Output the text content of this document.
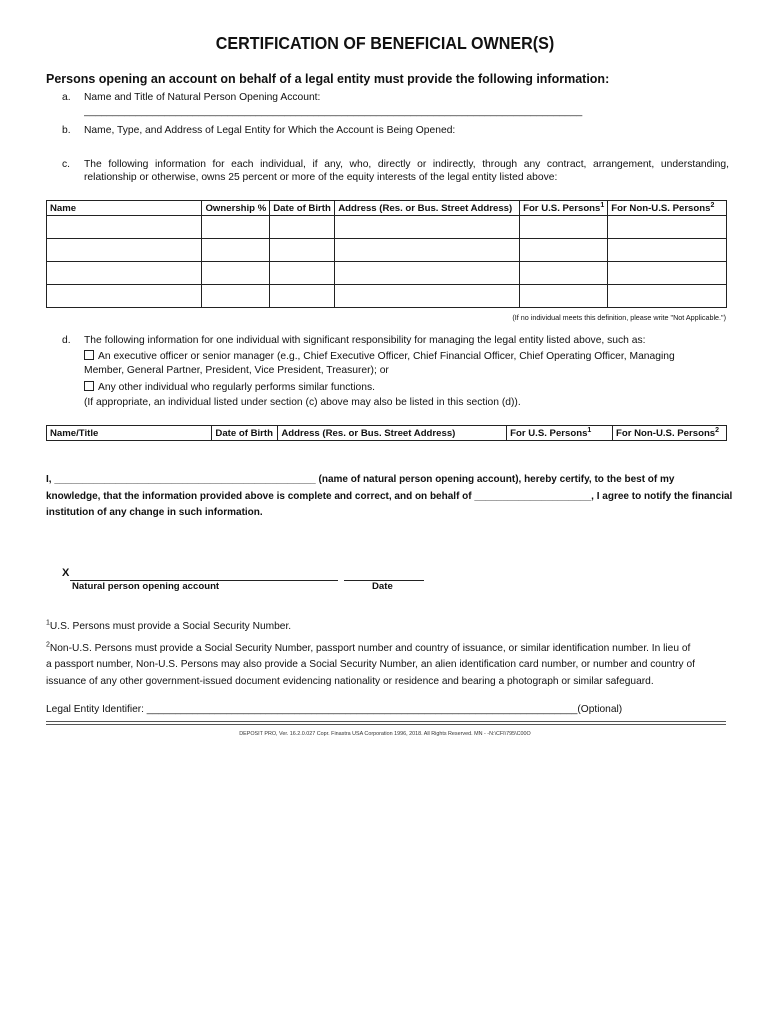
CERTIFICATION OF BENEFICIAL OWNER(S)
Persons opening an account on behalf of a legal entity must provide the following information:
a. Name and Title of Natural Person Opening Account:
_______________________________________________________________________________________
b. Name, Type, and Address of Legal Entity for Which the Account is Being Opened:
c. The following information for each individual, if any, who, directly or indirectly, through any contract, arrangement, understanding,
relationship or otherwise, owns 25 percent or more of the equity interests of the legal entity listed above:
Name	Ownership %	Date of Birth	Address (Res. or Bus. Street Address)	For U.S. Persons$^1$	For Non-U.S. Persons$^2$

(If no individual meets this definition, please write "Not Applicable.")
d. The following information for one individual with significant responsibility for managing the legal entity listed above, such as:
An executive officer or senior manager (e.g., Chief Executive Officer, Chief Financial Officer, Chief Operating Officer, Managing
Member, General Partner, President, Vice President, Treasurer); or
Any other individual who regularly performs similar functions.
(If appropriate, an individual listed under section (c) above may also be listed in this section (d)).
Name/Title	Date of Birth	Address (Res. or Bus. Street Address)	For U.S. Persons$^1$	For Non-U.S. Persons$^2$
I, _______________________________________________ (name of natural person opening account), hereby certify, to the best of my
knowledge, that the information provided above is complete and correct, and on behalf of _____________________, I agree to notify the financial
institution of any change in such information.
X
Natural person opening account	Date
$^1$U.S. Persons must provide a Social Security Number.
$^2$Non-U.S. Persons must provide a Social Security Number, passport number and country of issuance, or similar identification number. In lieu of
a passport number, Non-U.S. Persons may also provide a Social Security Number, an alien identification card number, or number and country of
issuance of any other government-issued document evidencing nationality or residence and bearing a photograph or similar safeguard.
Legal Entity Identifier: ____________________________________________________________________________(Optional)
DEPOSIT PRO, Ver. 16.2.0.027 Copr. Finastra USA Corporation 1996, 2018. All Rights Reserved. MN - -N:\CFI\795\C00O
